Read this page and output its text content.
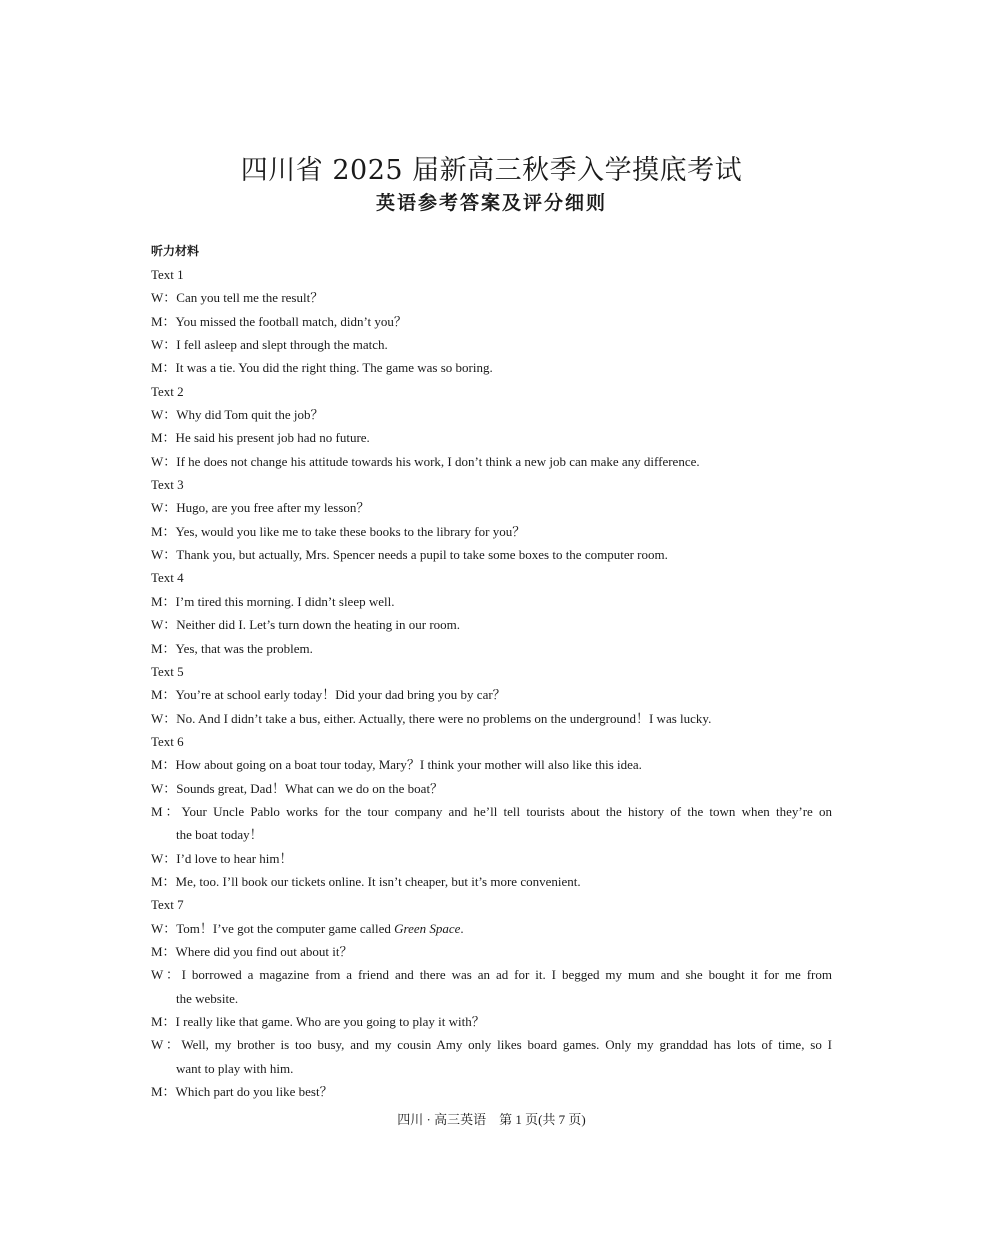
四川省 2025 届新高三秋季入学摸底考试
英语参考答案及评分细则
听力材料
Text 1
W：Can you tell me the result？
M：You missed the football match, didn’t you？
W：I fell asleep and slept through the match.
M：It was a tie. You did the right thing. The game was so boring.
Text 2
W：Why did Tom quit the job？
M：He said his present job had no future.
W：If he does not change his attitude towards his work, I don’t think a new job can make any difference.
Text 3
W：Hugo, are you free after my lesson？
M：Yes, would you like me to take these books to the library for you？
W：Thank you, but actually, Mrs. Spencer needs a pupil to take some boxes to the computer room.
Text 4
M：I’m tired this morning. I didn’t sleep well.
W：Neither did I. Let’s turn down the heating in our room.
M：Yes, that was the problem.
Text 5
M：You’re at school early today！Did your dad bring you by car？
W：No. And I didn’t take a bus, either. Actually, there were no problems on the underground！I was lucky.
Text 6
M：How about going on a boat tour today, Mary？I think your mother will also like this idea.
W：Sounds great, Dad！What can we do on the boat？
M：Your Uncle Pablo works for the tour company and he’ll tell tourists about the history of the town when they’re on
the boat today！
W：I’d love to hear him！
M：Me, too. I’ll book our tickets online. It isn’t cheaper, but it’s more convenient.
Text 7
W：Tom！I’ve got the computer game called Green Space.
M：Where did you find out about it？
W：I borrowed a magazine from a friend and there was an ad for it. I begged my mum and she bought it for me from
the website.
M：I really like that game. Who are you going to play it with？
W：Well, my brother is too busy, and my cousin Amy only likes board games. Only my granddad has lots of time, so I
want to play with him.
M：Which part do you like best？
四川 · 高三英语　第 1 页(共 7 页)
